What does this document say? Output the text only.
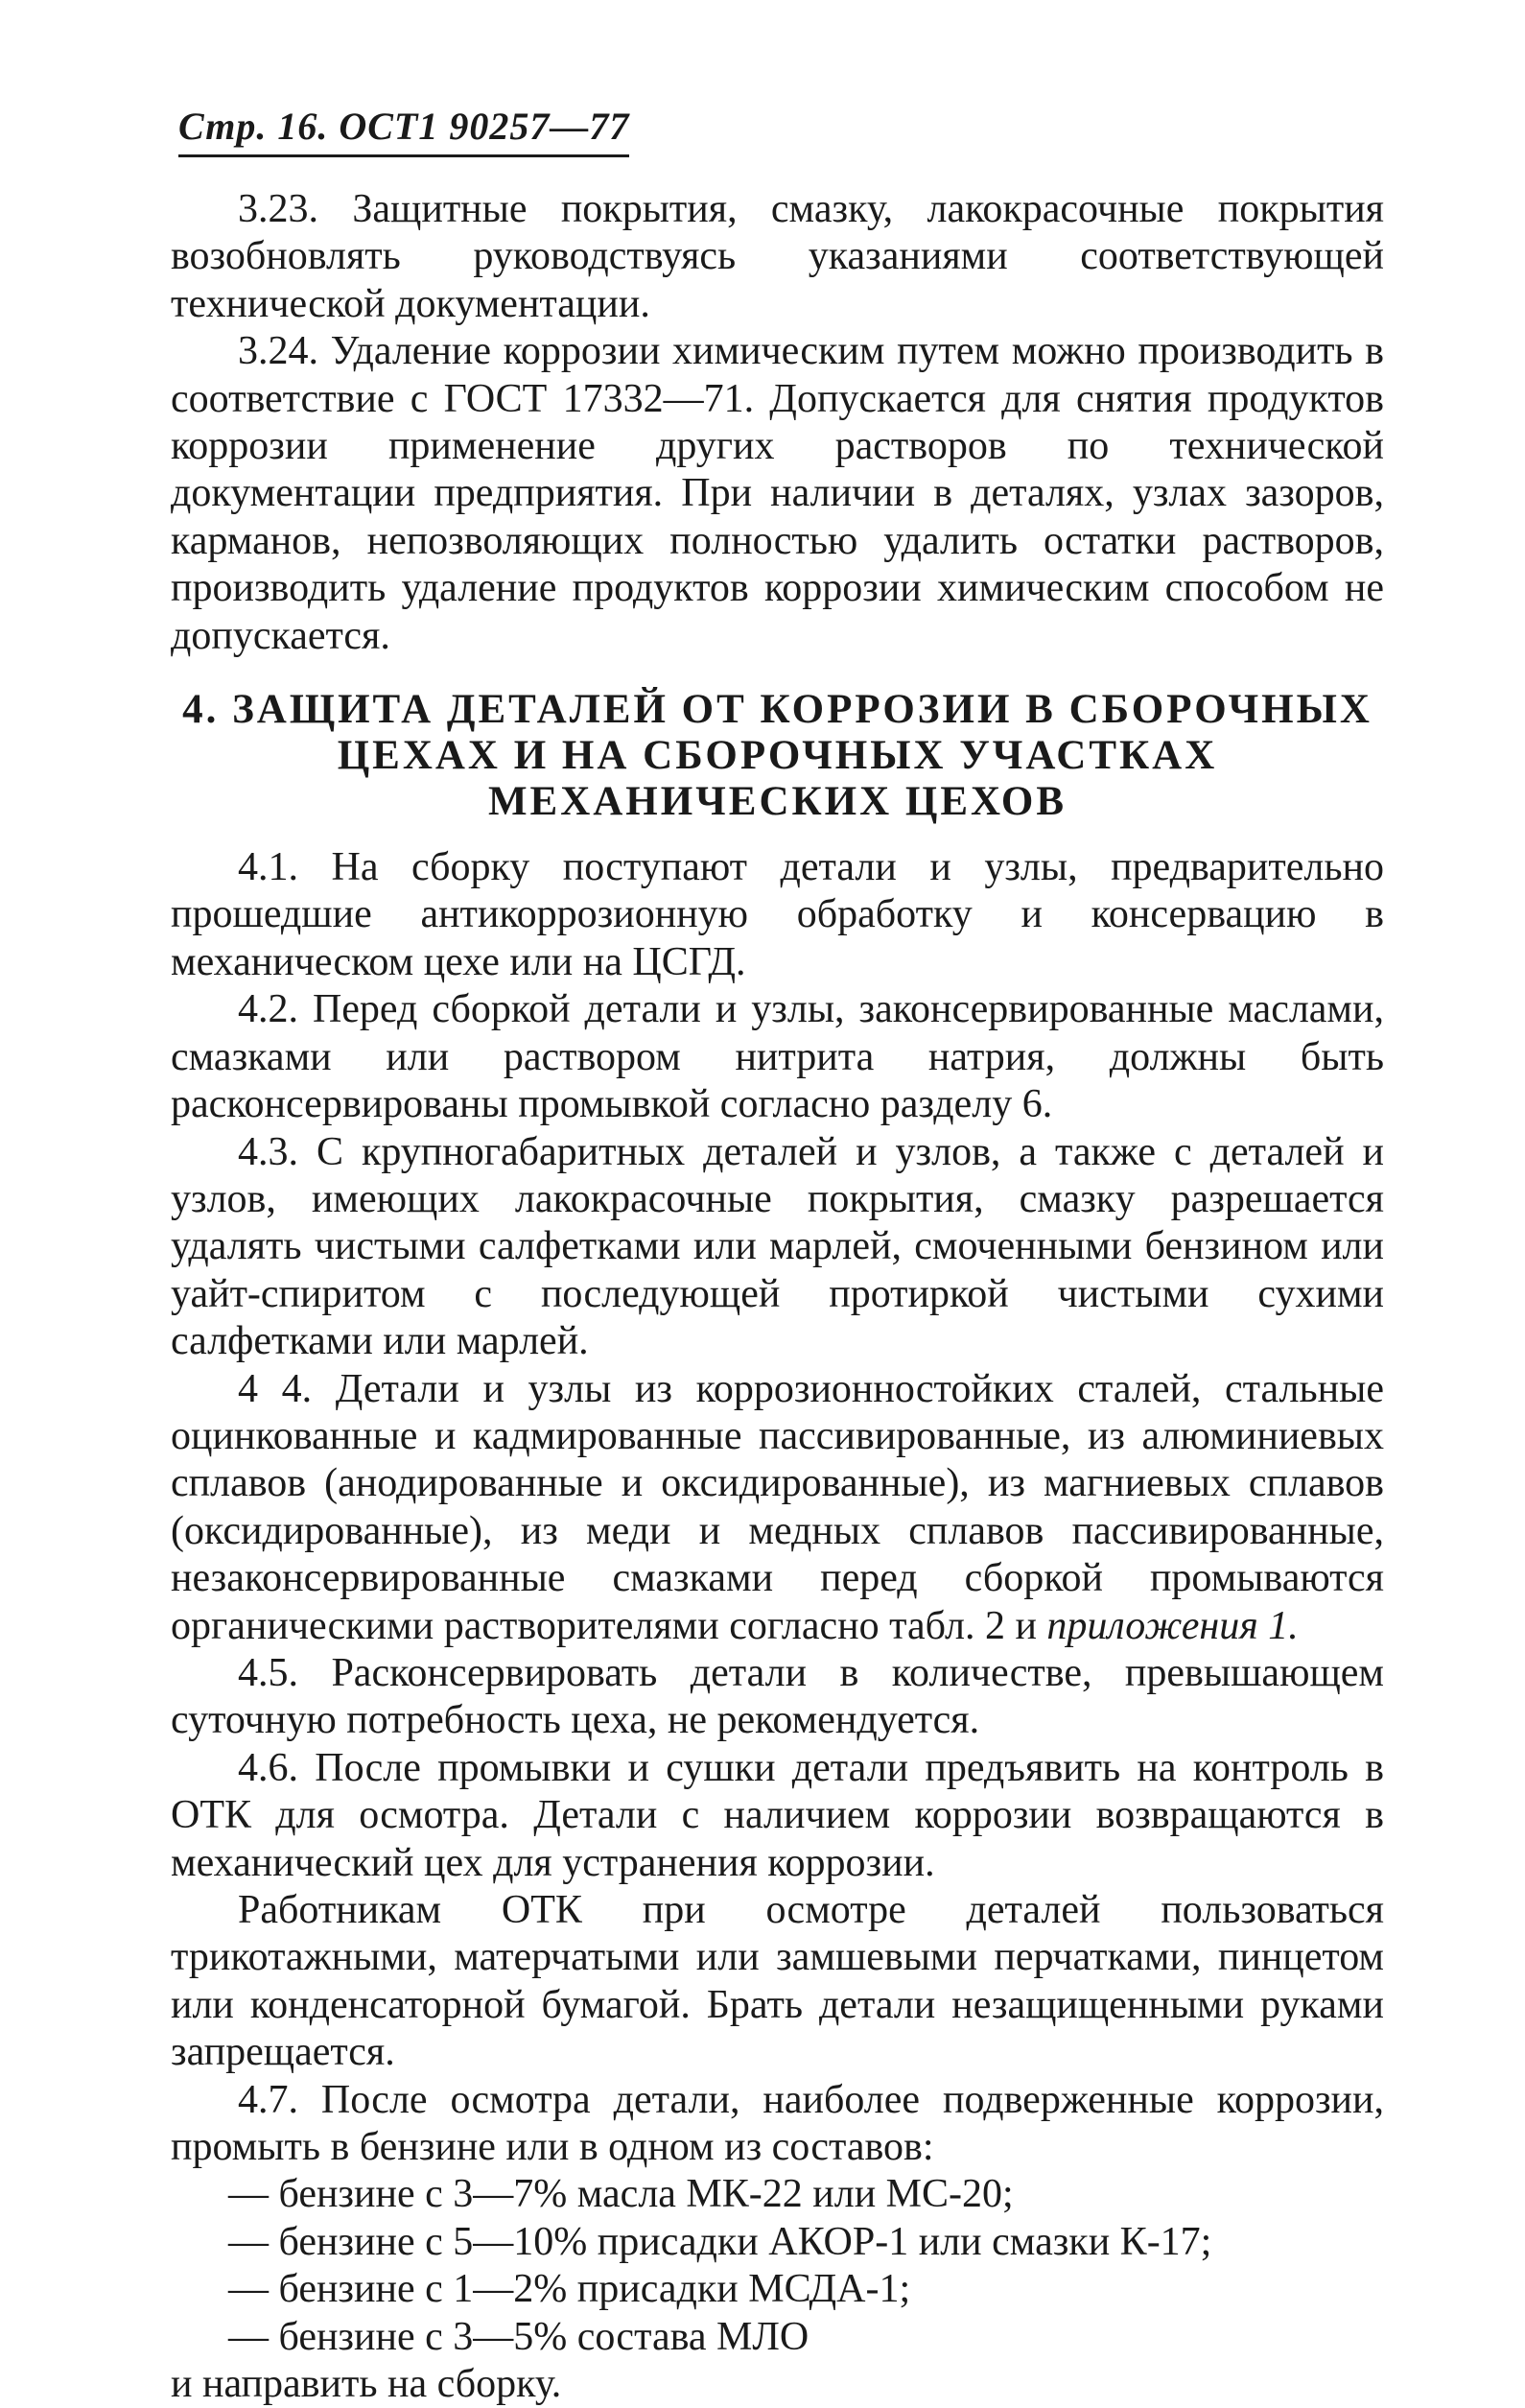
Стр. 16. ОСТ1 90257—77

3.23. Защитные покрытия, смазку, лакокрасочные покрытия возобновлять руководствуясь указаниями соответствующей технической документации.

3.24. Удаление коррозии химическим путем можно производить в соответствие с ГОСТ 17332—71. Допускается для снятия продуктов коррозии применение других растворов по технической документации предприятия. При наличии в деталях, узлах зазоров, карманов, непозволяющих полностью удалить остатки растворов, производить удаление продуктов коррозии химическим способом не допускается.

4. ЗАЩИТА ДЕТАЛЕЙ ОТ КОРРОЗИИ В СБОРОЧНЫХ ЦЕХАХ И НА СБОРОЧНЫХ УЧАСТКАХ МЕХАНИЧЕСКИХ ЦЕХОВ

4.1. На сборку поступают детали и узлы, предварительно прошедшие антикоррозионную обработку и консервацию в механическом цехе или на ЦСГД.

4.2. Перед сборкой детали и узлы, законсервированные маслами, смазками или раствором нитрита натрия, должны быть расконсервированы промывкой согласно разделу 6.

4.3. С крупногабаритных деталей и узлов, а также с деталей и узлов, имеющих лакокрасочные покрытия, смазку разрешается удалять чистыми салфетками или марлей, смоченными бензином или уайт-спиритом с последующей протиркой чистыми сухими салфетками или марлей.

4 4. Детали и узлы из коррозионностойких сталей, стальные оцинкованные и кадмированные пассивированные, из алюминиевых сплавов (анодированные и оксидированные), из магниевых сплавов (оксидированные), из меди и медных сплавов пассивированные, незаконсервированные смазками перед сборкой промываются органическими растворителями согласно табл. 2 и приложения 1.

4.5. Расконсервировать детали в количестве, превышающем суточную потребность цеха, не рекомендуется.

4.6. После промывки и сушки детали предъявить на контроль в ОТК для осмотра. Детали с наличием коррозии возвращаются в механический цех для устранения коррозии.

Работникам ОТК при осмотре деталей пользоваться трикотажными, матерчатыми или замшевыми перчатками, пинцетом или конденсаторной бумагой. Брать детали незащищенными руками запрещается.

4.7. После осмотра детали, наиболее подверженные коррозии, промыть в бензине или в одном из составов:

— бензине с 3—7% масла МК-22 или МС-20;

— бензине с 5—10% присадки АКОР-1 или смазки К-17;

— бензине с 1—2% присадки МСДА-1;

— бензине с 3—5% состава МЛО

и направить на сборку.
